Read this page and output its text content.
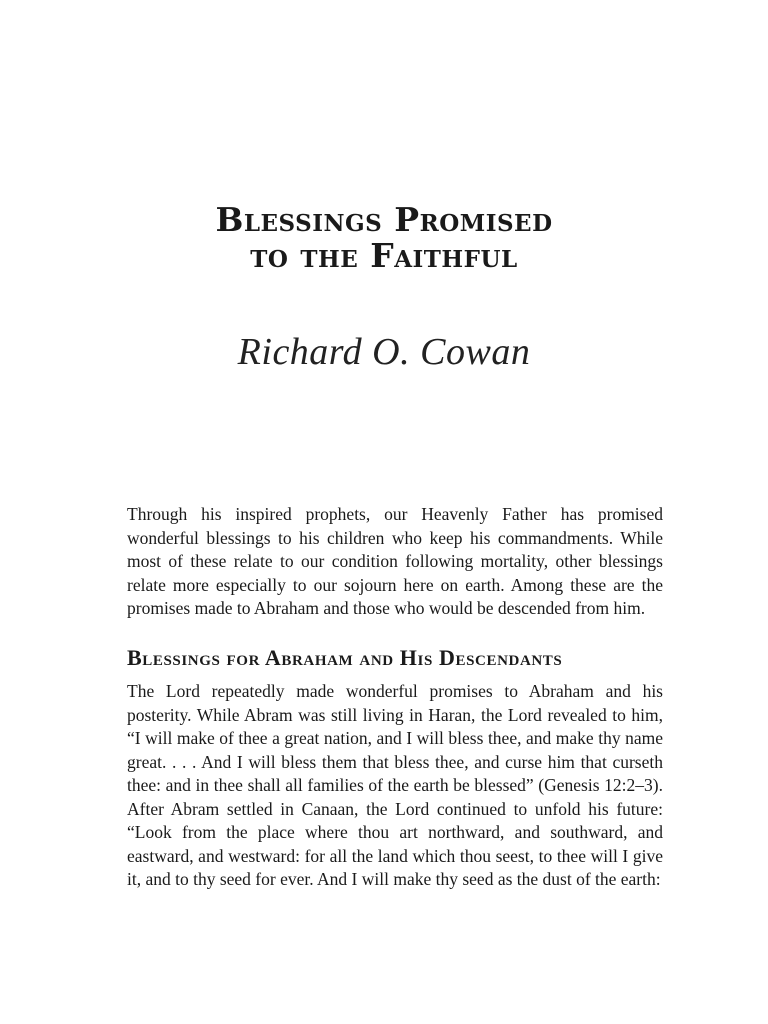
Blessings Promised
to the Faithful
Richard O. Cowan

Through his inspired prophets, our Heavenly Father has promised wonderful blessings to his children who keep his commandments. While most of these relate to our condition following mortality, other blessings relate more especially to our sojourn here on earth. Among these are the promises made to Abraham and those who would be descended from him.

Blessings for Abraham and His Descendants

The Lord repeatedly made wonderful promises to Abraham and his posterity. While Abram was still living in Haran, the Lord revealed to him, “I will make of thee a great nation, and I will bless thee, and make thy name great. . . . And I will bless them that bless thee, and curse him that curseth thee: and in thee shall all families of the earth be blessed” (Genesis 12:2–3). After Abram settled in Canaan, the Lord continued to unfold his future: “Look from the place where thou art northward, and southward, and eastward, and westward: for all the land which thou seest, to thee will I give it, and to thy seed for ever. And I will make thy seed as the dust of the earth:
